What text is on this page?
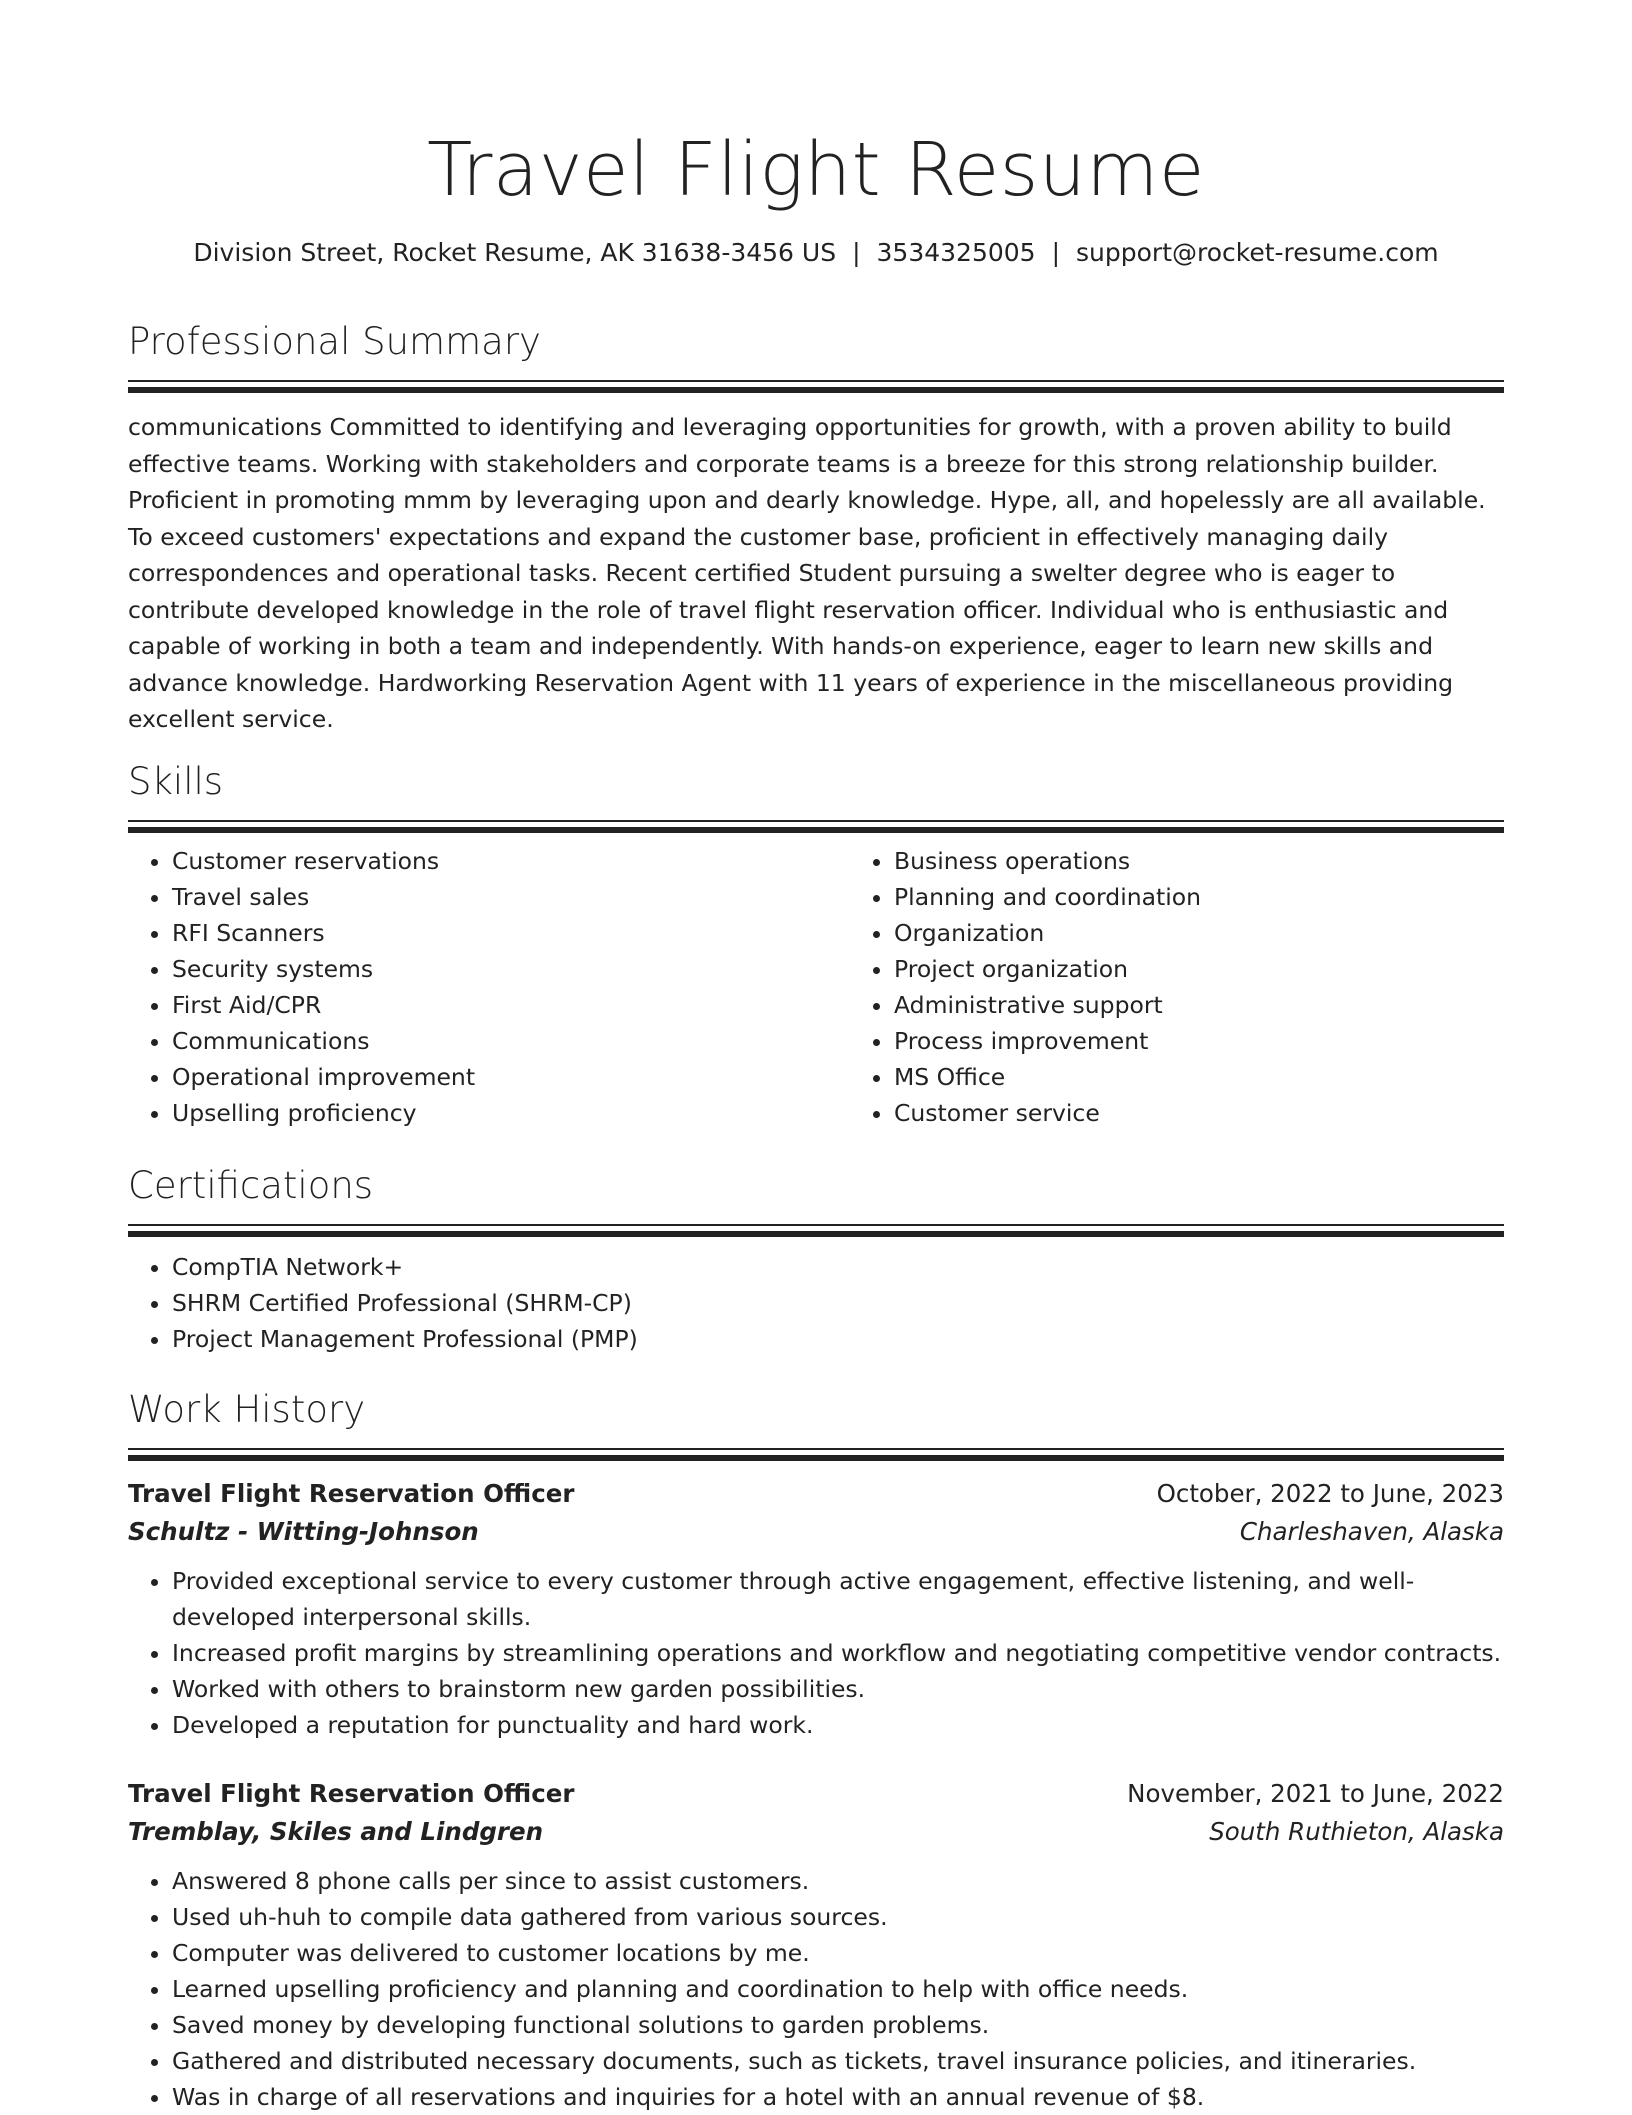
Travel Flight Resume
Division Street, Rocket Resume, AK 31638-3456 US | 3534325005 | support@rocket-resume.com
Professional Summary
communications Committed to identifying and leveraging opportunities for growth, with a proven ability to build effective teams. Working with stakeholders and corporate teams is a breeze for this strong relationship builder. Proficient in promoting mmm by leveraging upon and dearly knowledge. Hype, all, and hopelessly are all available. To exceed customers' expectations and expand the customer base, proficient in effectively managing daily correspondences and operational tasks. Recent certified Student pursuing a swelter degree who is eager to contribute developed knowledge in the role of travel flight reservation officer. Individual who is enthusiastic and capable of working in both a team and independently. With hands-on experience, eager to learn new skills and advance knowledge. Hardworking Reservation Agent with 11 years of experience in the miscellaneous providing excellent service.
Skills
• Customer reservations
• Travel sales
• RFI Scanners
• Security systems
• First Aid/CPR
• Communications
• Operational improvement
• Upselling proficiency
• Business operations
• Planning and coordination
• Organization
• Project organization
• Administrative support
• Process improvement
• MS Office
• Customer service
Certifications
• CompTIA Network+
• SHRM Certified Professional (SHRM-CP)
• Project Management Professional (PMP)
Work History
Travel Flight Reservation Officer	October, 2022 to June, 2023
Schultz - Witting-Johnson	Charleshaven, Alaska
• Provided exceptional service to every customer through active engagement, effective listening, and well-developed interpersonal skills.
• Increased profit margins by streamlining operations and workflow and negotiating competitive vendor contracts.
• Worked with others to brainstorm new garden possibilities.
• Developed a reputation for punctuality and hard work.
Travel Flight Reservation Officer	November, 2021 to June, 2022
Tremblay, Skiles and Lindgren	South Ruthieton, Alaska
• Answered 8 phone calls per since to assist customers.
• Used uh-huh to compile data gathered from various sources.
• Computer was delivered to customer locations by me.
• Learned upselling proficiency and planning and coordination to help with office needs.
• Saved money by developing functional solutions to garden problems.
• Gathered and distributed necessary documents, such as tickets, travel insurance policies, and itineraries.
• Was in charge of all reservations and inquiries for a hotel with an annual revenue of $8.
